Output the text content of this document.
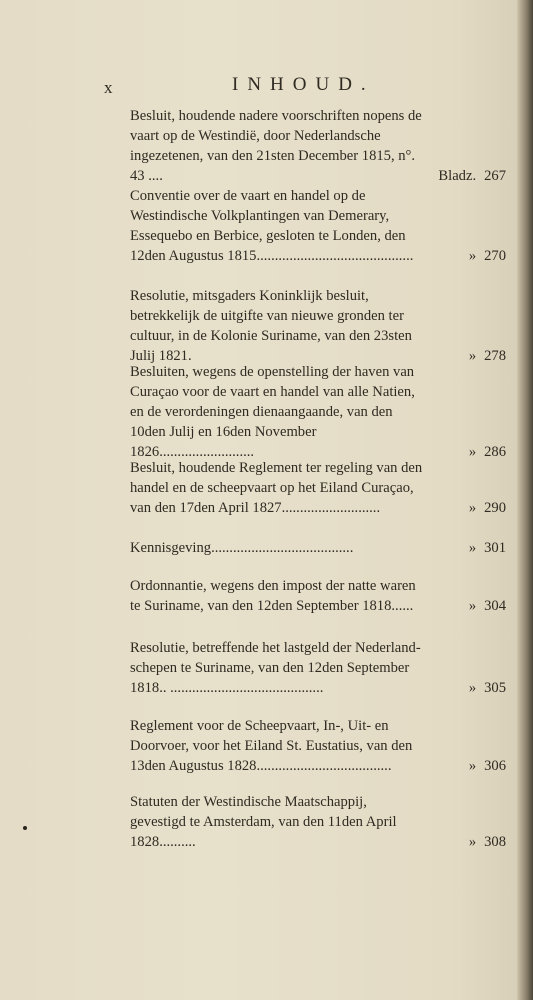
x	INHOUD.
Besluit, houdende nadere voorschriften nopens de vaart op de Westindië, door Nederlandsche ingezetenen, van den 21sten December 1815, n°. 43 ....	Bladz. 267
Conventie over de vaart en handel op de Westindische Volkplantingen van Demerary, Essequebo en Berbice, gesloten te Londen, den 12den Augustus 1815...........................................	» 270
Resolutie, mitsgaders Koninklijk besluit, betrekkelijk de uitgifte van nieuwe gronden ter cultuur, in de Kolonie Suriname, van den 23sten Julij 1821.	» 278
Besluiten, wegens de openstelling der haven van Curaçao voor de vaart en handel van alle Natien, en de verordeningen dienaangaande, van den 10den Julij en 16den November 1826..........................	» 286
Besluit, houdende Reglement ter regeling van den handel en de scheepvaart op het Eiland Curaçao, van den 17den April 1827...........................	» 290
Kennisgeving.......................................	» 301
Ordonnantie, wegens den impost der natte waren te Suriname, van den 12den September 1818......	» 304
Resolutie, betreffende het lastgeld der Nederland-schepen te Suriname, van den 12den September 1818.. ..........................................	» 305
Reglement voor de Scheepvaart, In-, Uit- en Doorvoer, voor het Eiland St. Eustatius, van den 13den Augustus 1828.....................................	» 306
Statuten der Westindische Maatschappij, gevestigd te Amsterdam, van den 11den April 1828..........	» 308
